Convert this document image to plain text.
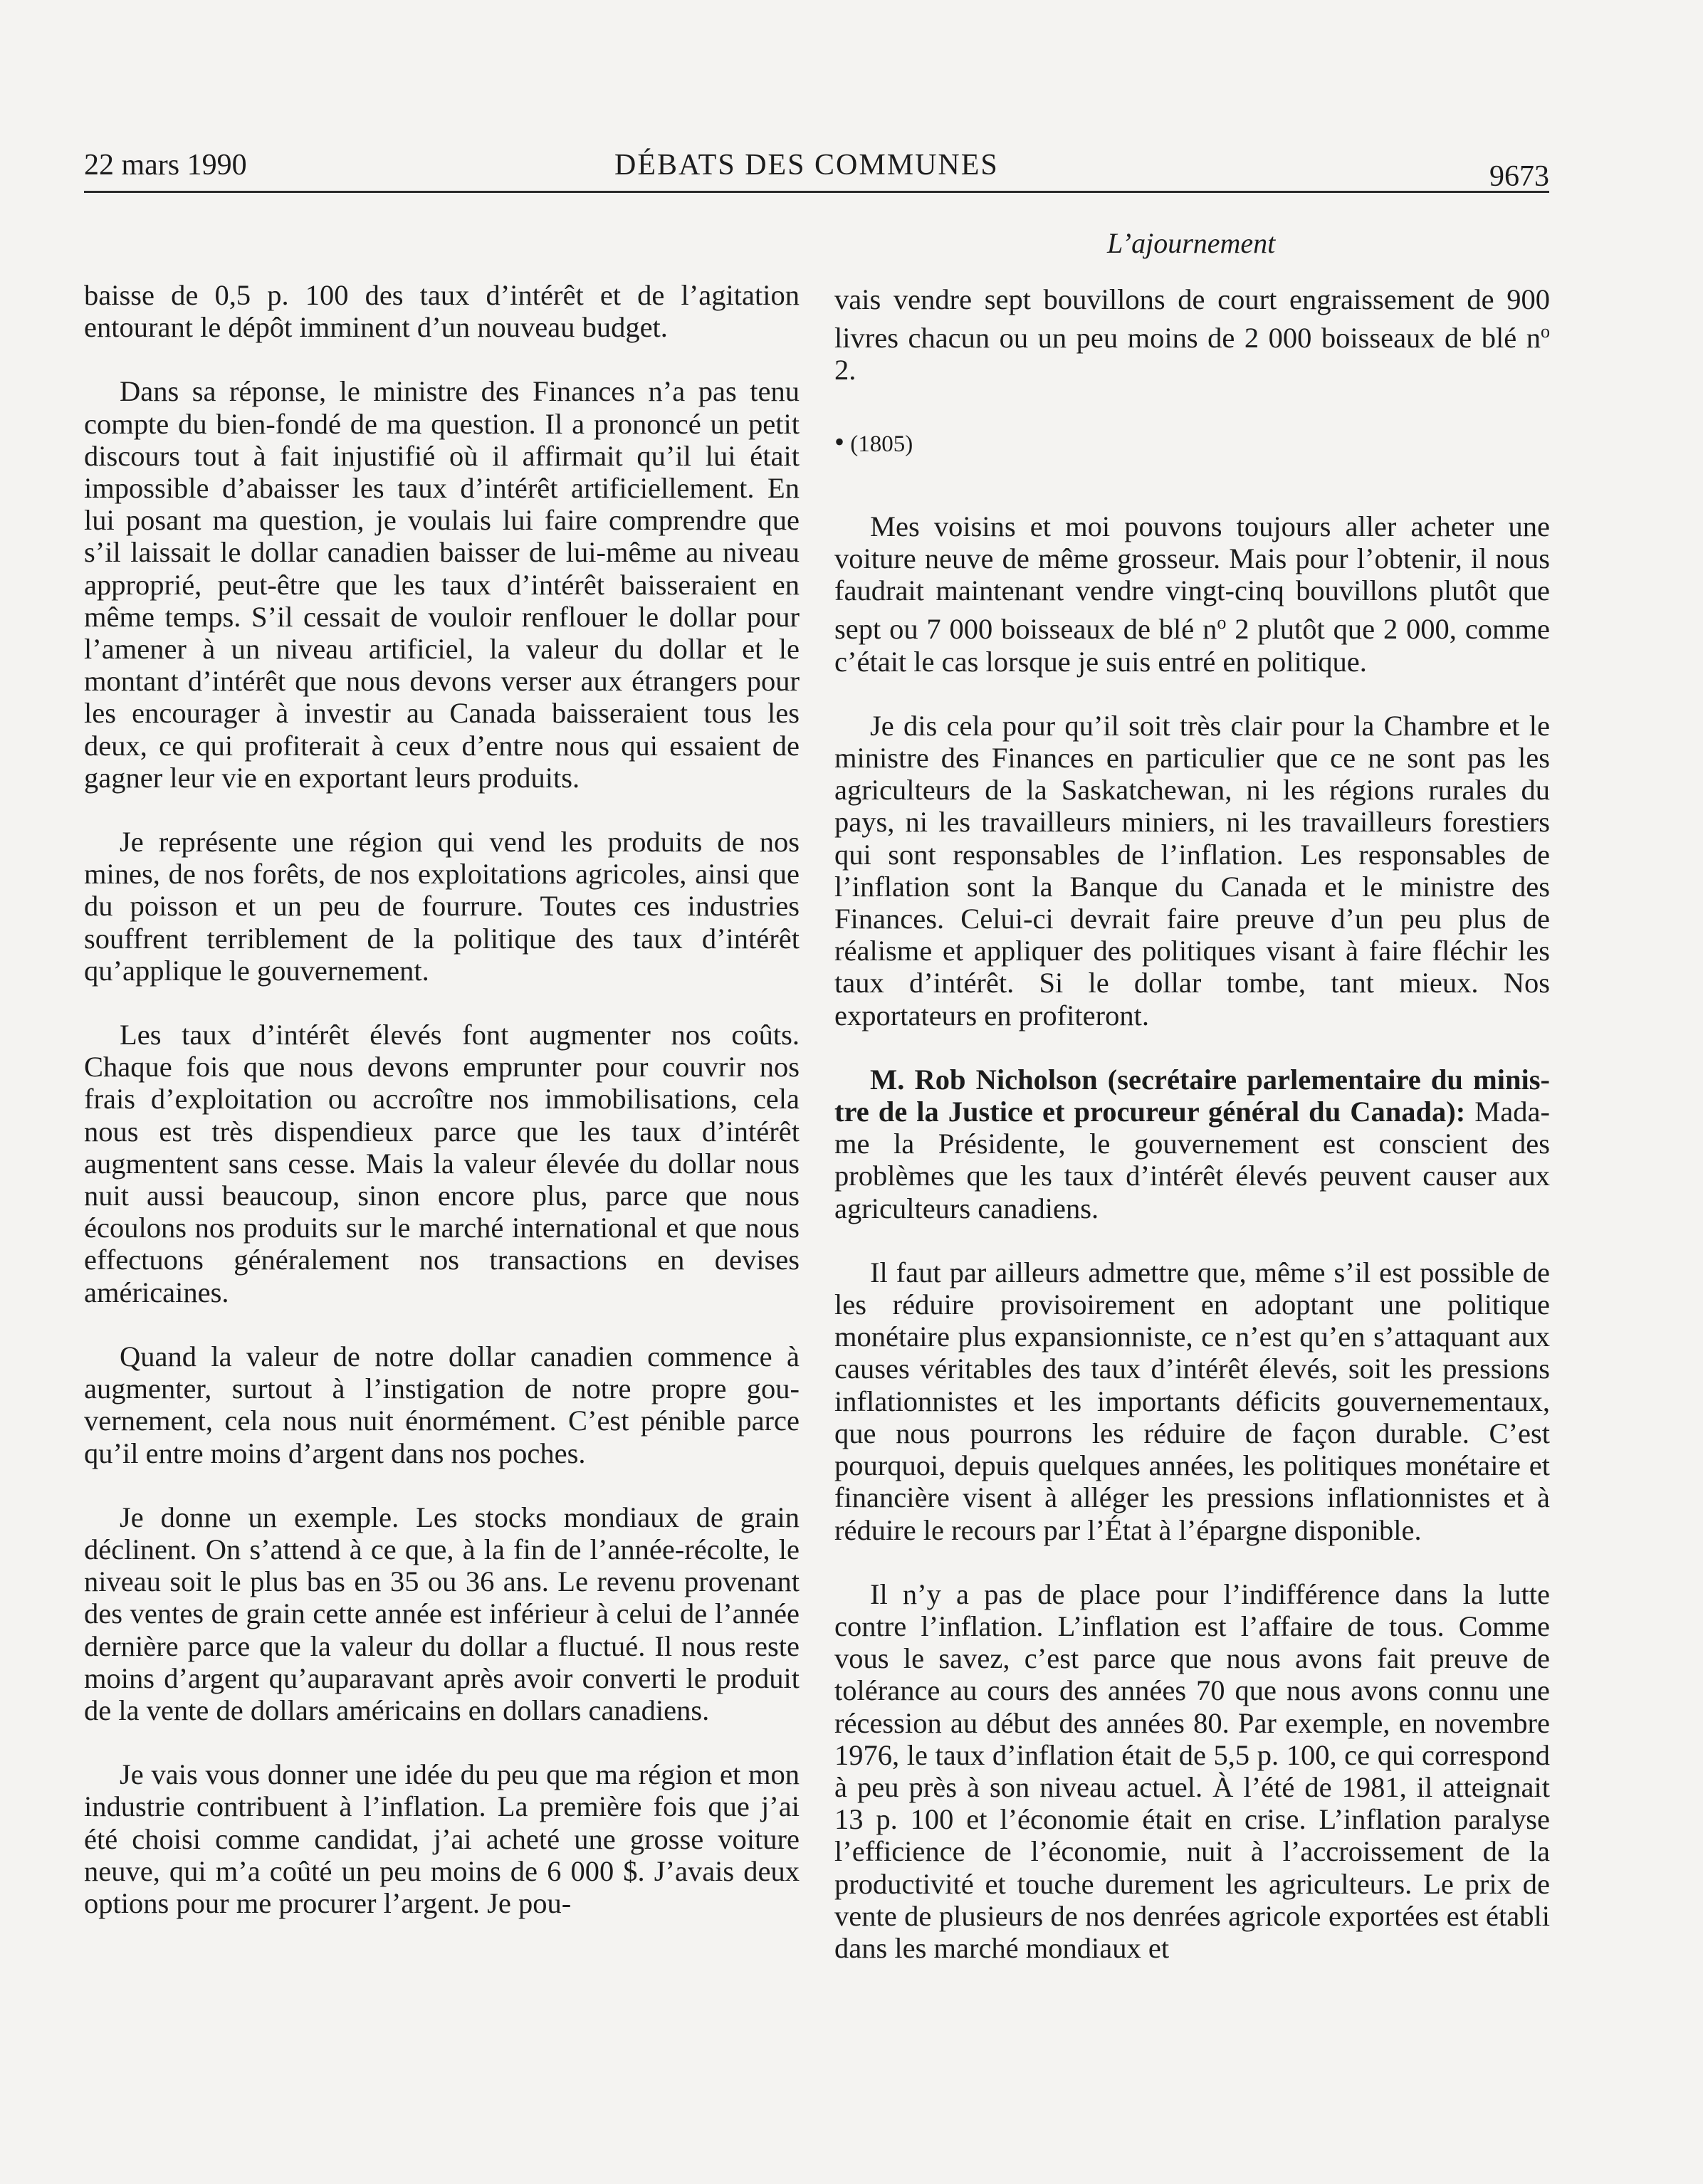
22 mars 1990	DÉBATS DES COMMUNES	9673
L’ajournement

baisse de 0,5 p. 100 des taux d’intérêt et de l’agitation entourant le dépôt imminent d’un nouveau budget.

Dans sa réponse, le ministre des Finances n’a pas tenu compte du bien-fondé de ma question. Il a prononcé un petit discours tout à fait injustifié où il affirmait qu’il lui était impossible d’abaisser les taux d’intérêt artificiellement. En lui posant ma question, je voulais lui faire comprendre que s’il laissait le dollar canadien baisser de lui-même au niveau approprié, peut-être que les taux d’intérêt baisseraient en même temps. S’il cessait de vouloir renflouer le dollar pour l’amener à un niveau artificiel, la valeur du dollar et le montant d’intérêt que nous devons verser aux étrangers pour les encourager à investir au Canada baisseraient tous les deux, ce qui profiterait à ceux d’entre nous qui essaient de gagner leur vie en exportant leurs produits.

Je représente une région qui vend les produits de nos mines, de nos forêts, de nos exploitations agricoles, ainsi que du poisson et un peu de fourrure. Toutes ces industries souffrent terriblement de la politique des taux d’intérêt qu’applique le gouvernement.

Les taux d’intérêt élevés font augmenter nos coûts. Chaque fois que nous devons emprunter pour couvrir nos frais d’exploitation ou accroître nos immobilisations, cela nous est très dispendieux parce que les taux d’intérêt augmentent sans cesse. Mais la valeur élevée du dollar nous nuit aussi beaucoup, sinon encore plus, parce que nous écoulons nos produits sur le marché international et que nous effectuons généralement nos transactions en devises américaines.

Quand la valeur de notre dollar canadien commence à augmenter, surtout à l’instigation de notre propre gouvernement, cela nous nuit énormément. C’est pénible parce qu’il entre moins d’argent dans nos poches.

Je donne un exemple. Les stocks mondiaux de grain déclinent. On s’attend à ce que, à la fin de l’année-récolte, le niveau soit le plus bas en 35 ou 36 ans. Le revenu provenant des ventes de grain cette année est inférieur à celui de l’année dernière parce que la valeur du dollar a fluctué. Il nous reste moins d’argent qu’auparavant après avoir converti le produit de la vente de dollars américains en dollars canadiens.

Je vais vous donner une idée du peu que ma région et mon industrie contribuent à l’inflation. La première fois que j’ai été choisi comme candidat, j’ai acheté une grosse voiture neuve, qui m’a coûté un peu moins de 6 000 $. J’avais deux options pour me procurer l’argent. Je pou-

vais vendre sept bouvillons de court engraissement de 900 livres chacun ou un peu moins de 2 000 boisseaux de blé $n^o$ 2.

• (1805)

Mes voisins et moi pouvons toujours aller acheter une voiture neuve de même grosseur. Mais pour l’obtenir, il nous faudrait maintenant vendre vingt-cinq bouvillons plutôt que sept ou 7 000 boisseaux de blé $n^o$ 2 plutôt que 2 000, comme c’était le cas lorsque je suis entré en politique.

Je dis cela pour qu’il soit très clair pour la Chambre et le ministre des Finances en particulier que ce ne sont pas les agriculteurs de la Saskatchewan, ni les régions rurales du pays, ni les travailleurs miniers, ni les travailleurs forestiers qui sont responsables de l’inflation. Les responsables de l’inflation sont la Banque du Canada et le ministre des Finances. Celui-ci devrait faire preuve d’un peu plus de réalisme et appliquer des politiques visant à faire fléchir les taux d’intérêt. Si le dollar tombe, tant mieux. Nos exportateurs en profiteront.

M. Rob Nicholson (secrétaire parlementaire du ministre de la Justice et procureur général du Canada): Madame la Présidente, le gouvernement est conscient des problèmes que les taux d’intérêt élevés peuvent causer aux agriculteurs canadiens.

Il faut par ailleurs admettre que, même s’il est possible de les réduire provisoirement en adoptant une politique monétaire plus expansionniste, ce n’est qu’en s’attaquant aux causes véritables des taux d’intérêt élevés, soit les pressions inflationnistes et les importants déficits gouvernementaux, que nous pourrons les réduire de façon durable. C’est pourquoi, depuis quelques années, les politiques monétaire et financière visent à alléger les pressions inflationnistes et à réduire le recours par l’État à l’épargne disponible.

Il n’y a pas de place pour l’indifférence dans la lutte contre l’inflation. L’inflation est l’affaire de tous. Comme vous le savez, c’est parce que nous avons fait preuve de tolérance au cours des années 70 que nous avons connu une récession au début des années 80. Par exemple, en novembre 1976, le taux d’inflation était de 5,5 p. 100, ce qui correspond à peu près à son niveau actuel. À l’été de 1981, il atteignait 13 p. 100 et l’économie était en crise. L’inflation paralyse l’efficience de l’économie, nuit à l’accroissement de la productivité et touche durement les agriculteurs. Le prix de vente de plusieurs de nos denrées agricole exportées est établi dans les marché mondiaux et
